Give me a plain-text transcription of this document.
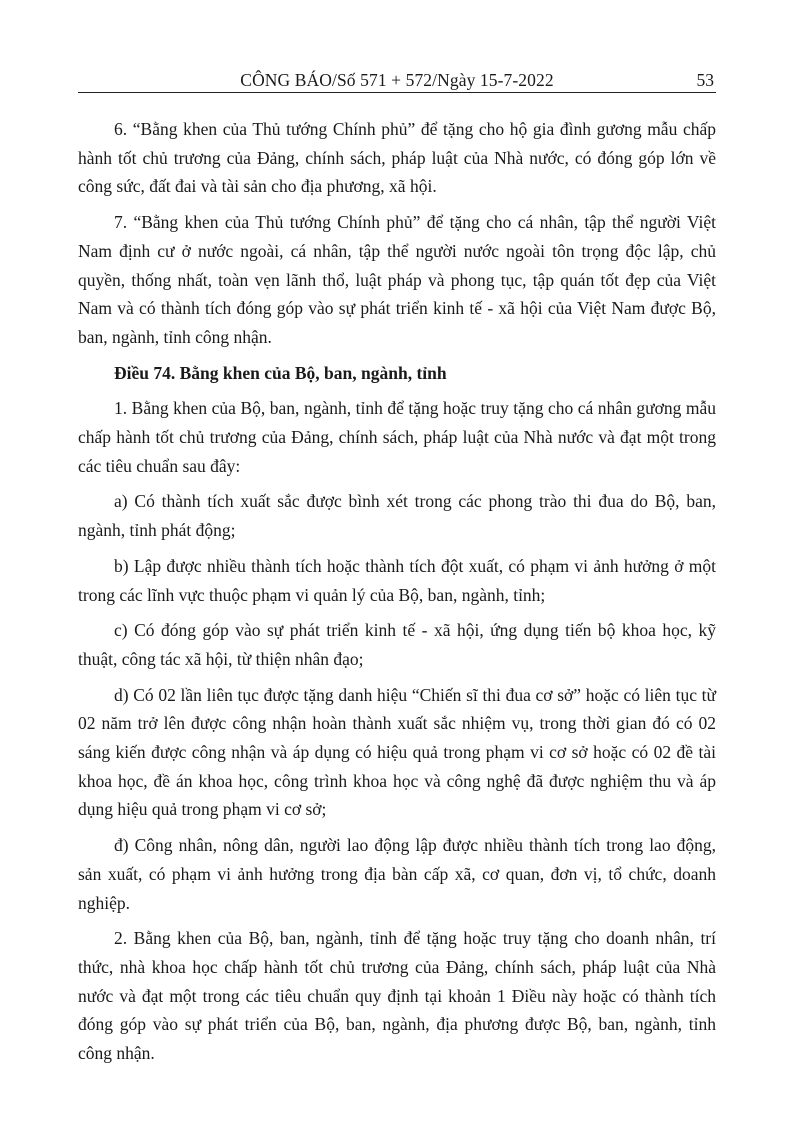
CÔNG BÁO/Số 571 + 572/Ngày 15-7-2022	53

6. “Bằng khen của Thủ tướng Chính phủ” để tặng cho hộ gia đình gương mẫu chấp hành tốt chủ trương của Đảng, chính sách, pháp luật của Nhà nước, có đóng góp lớn về công sức, đất đai và tài sản cho địa phương, xã hội.

7. “Bằng khen của Thủ tướng Chính phủ” để tặng cho cá nhân, tập thể người Việt Nam định cư ở nước ngoài, cá nhân, tập thể người nước ngoài tôn trọng độc lập, chủ quyền, thống nhất, toàn vẹn lãnh thổ, luật pháp và phong tục, tập quán tốt đẹp của Việt Nam và có thành tích đóng góp vào sự phát triển kinh tế - xã hội của Việt Nam được Bộ, ban, ngành, tỉnh công nhận.

Điều 74. Bằng khen của Bộ, ban, ngành, tỉnh

1. Bằng khen của Bộ, ban, ngành, tỉnh để tặng hoặc truy tặng cho cá nhân gương mẫu chấp hành tốt chủ trương của Đảng, chính sách, pháp luật của Nhà nước và đạt một trong các tiêu chuẩn sau đây:

a) Có thành tích xuất sắc được bình xét trong các phong trào thi đua do Bộ, ban, ngành, tỉnh phát động;

b) Lập được nhiều thành tích hoặc thành tích đột xuất, có phạm vi ảnh hưởng ở một trong các lĩnh vực thuộc phạm vi quản lý của Bộ, ban, ngành, tỉnh;

c) Có đóng góp vào sự phát triển kinh tế - xã hội, ứng dụng tiến bộ khoa học, kỹ thuật, công tác xã hội, từ thiện nhân đạo;

d) Có 02 lần liên tục được tặng danh hiệu “Chiến sĩ thi đua cơ sở” hoặc có liên tục từ 02 năm trở lên được công nhận hoàn thành xuất sắc nhiệm vụ, trong thời gian đó có 02 sáng kiến được công nhận và áp dụng có hiệu quả trong phạm vi cơ sở hoặc có 02 đề tài khoa học, đề án khoa học, công trình khoa học và công nghệ đã được nghiệm thu và áp dụng hiệu quả trong phạm vi cơ sở;

đ) Công nhân, nông dân, người lao động lập được nhiều thành tích trong lao động, sản xuất, có phạm vi ảnh hưởng trong địa bàn cấp xã, cơ quan, đơn vị, tổ chức, doanh nghiệp.

2. Bằng khen của Bộ, ban, ngành, tỉnh để tặng hoặc truy tặng cho doanh nhân, trí thức, nhà khoa học chấp hành tốt chủ trương của Đảng, chính sách, pháp luật của Nhà nước và đạt một trong các tiêu chuẩn quy định tại khoản 1 Điều này hoặc có thành tích đóng góp vào sự phát triển của Bộ, ban, ngành, địa phương được Bộ, ban, ngành, tỉnh công nhận.
